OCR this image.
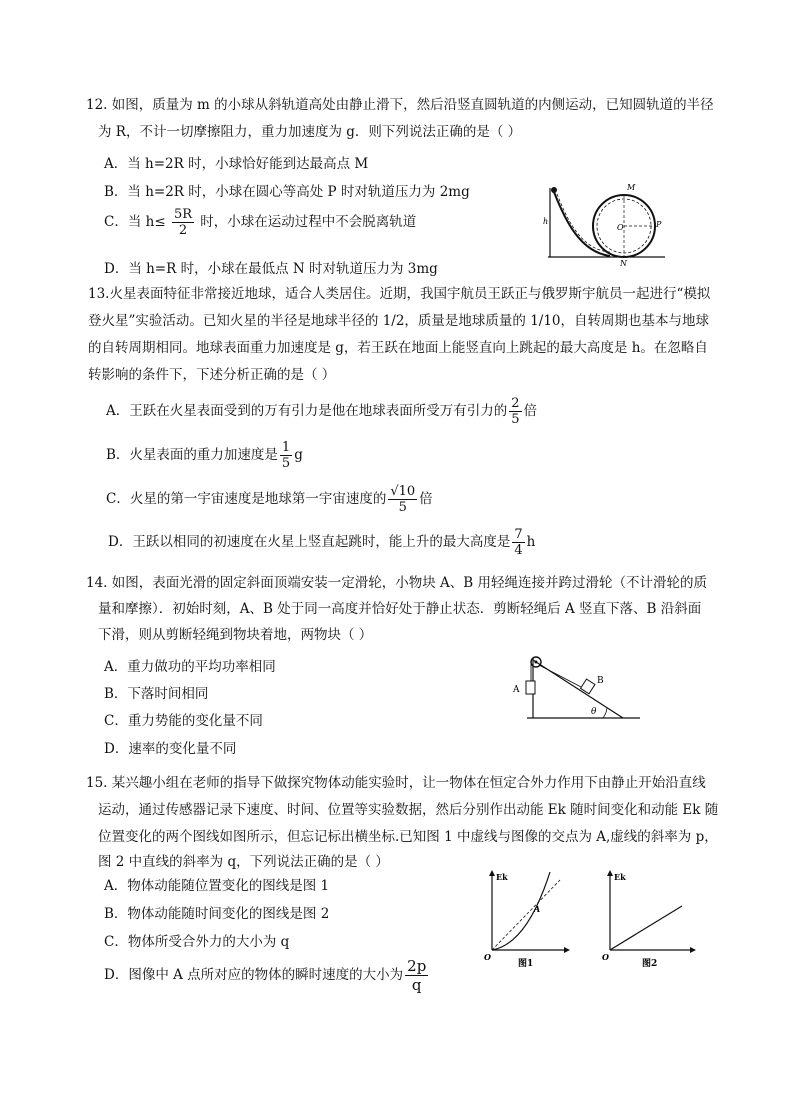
12. 如图，质量为 m 的小球从斜轨道高处由静止滑下，然后沿竖直圆轨道的内侧运动，已知圆轨道的半径
为 R，不计一切摩擦阻力，重力加速度为 g．则下列说法正确的是（ ）
A．当 h=2R 时，小球恰好能到达最高点 M
B．当 h=2R 时，小球在圆心等高处 P 时对轨道压力为 2mg
C．当 $h\le \frac{5R}{2}$ 时，小球在运动过程中不会脱离轨道
D．当 h=R 时，小球在最低点 N 时对轨道压力为 3mg
h
M
O	P
N
13.火星表面特征非常接近地球，适合人类居住。近期，我国宇航员王跃正与俄罗斯宇航员一起进行“模拟
登火星”实验活动。已知火星的半径是地球半径的 1/2，质量是地球质量的 1/10，自转周期也基本与地球
的自转周期相同。地球表面重力加速度是 g，若王跃在地面上能竖直向上跳起的最大高度是 h。在忽略自
转影响的条件下，下述分析正确的是（ ）
A．王跃在火星表面受到的万有引力是他在地球表面所受万有引力的 $\frac{2}{5}$ 倍
B．火星表面的重力加速度是 $\frac{1}{5}$ g
C．火星的第一宇宙速度是地球第一宇宙速度的 $\frac{√10}{5}$ 倍
D．王跃以相同的初速度在火星上竖直起跳时，能上升的最大高度是 $\frac{7}{4}$ h
14. 如图，表面光滑的固定斜面顶端安装一定滑轮，小物块 A、B 用轻绳连接并跨过滑轮（不计滑轮的质
量和摩擦）．初始时刻，A、B 处于同一高度并恰好处于静止状态．剪断轻绳后 A 竖直下落、B 沿斜面
下滑，则从剪断轻绳到物块着地，两物块（ ）
A．重力做功的平均功率相同
B．下落时间相同
C．重力势能的变化量不同
D．速率的变化量不同
A
B
θ
15. 某兴趣小组在老师的指导下做探究物体动能实验时，让一物体在恒定合外力作用下由静止开始沿直线
运动，通过传感器记录下速度、时间、位置等实验数据，然后分别作出动能 Ek 随时间变化和动能 Ek 随
位置变化的两个图线如图所示，但忘记标出横坐标.已知图 1 中虚线与图像的交点为 A,虚线的斜率为 p，
图 2 中直线的斜率为 q，下列说法正确的是（ ）
A．物体动能随位置变化的图线是图 1
B．物体动能随时间变化的图线是图 2
C．物体所受合外力的大小为 q
D．图像中 A 点所对应的物体的瞬时速度的大小为 $\frac{2p}{q}$
Ek
O
A
图1
Ek
O
图2
